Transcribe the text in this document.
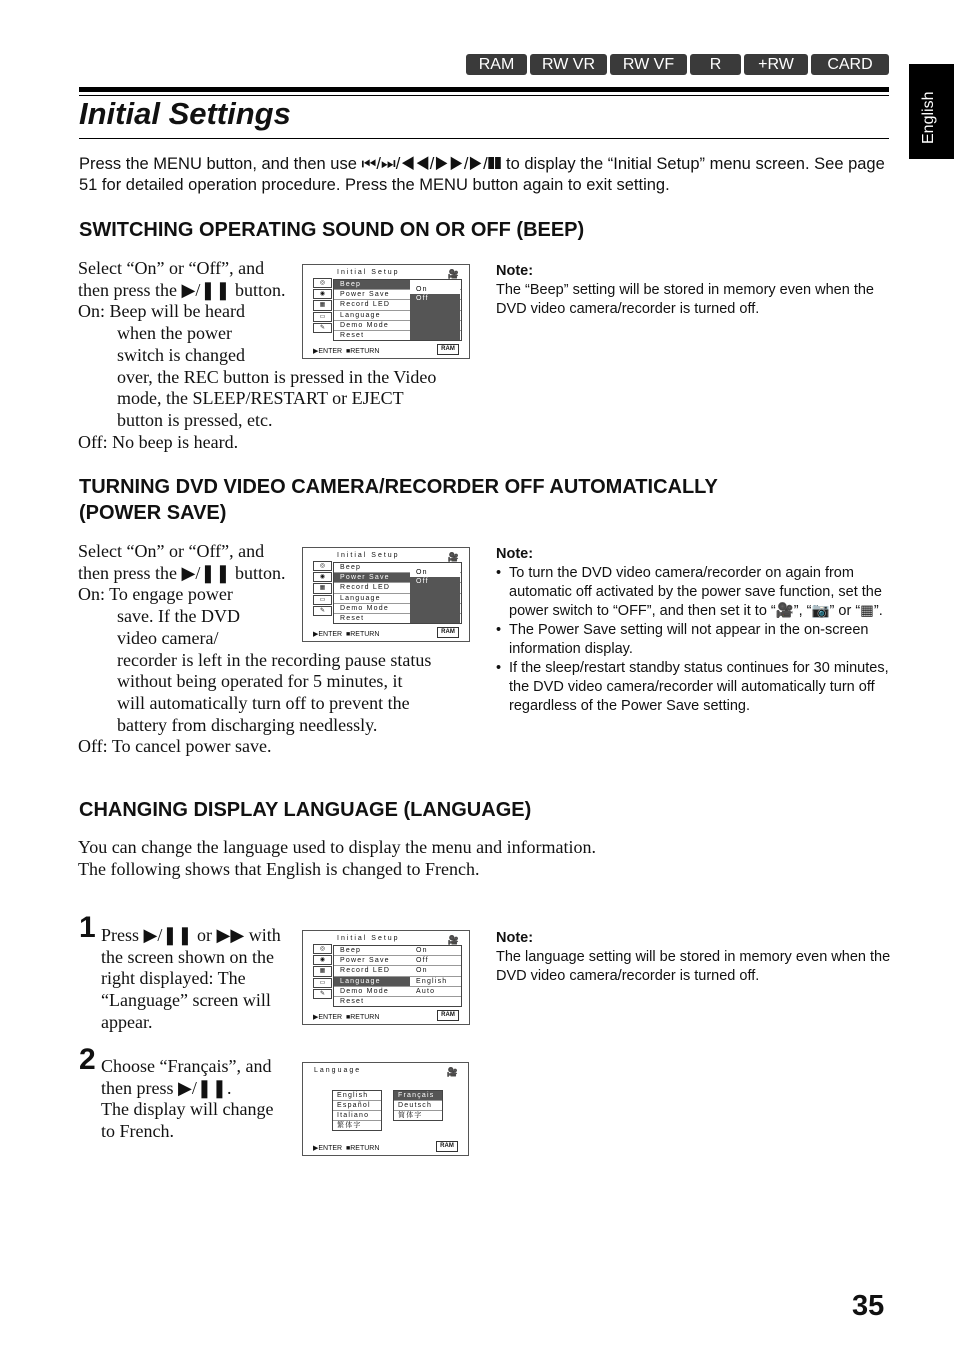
RAM	RW VR	RW VF	R	+RW	CARD
English
Initial Settings
Press the MENU button, and then use ⏮/⏭/◀◀/▶▶/▶/❚❚ to display the “Initial Setup” menu screen. See page 51 for detailed operation procedure. Press the MENU button again to exit setting.
SWITCHING OPERATING SOUND ON OR OFF (BEEP)
Select “On” or “Off”, and
then press the ▶/❚❚ button.
On: Beep will be heard
when the power
switch is changed
over, the REC button is pressed in the Video
mode, the SLEEP/RESTART or EJECT
button is pressed, etc.
Off: No beep is heard.
Initial Setup	🎥
◎
◉
▦
▭
✎
Beep
Power Save
Record LED
Language
Demo Mode
Reset
On
Off
▶ENTER  ■RETURN	RAM
Note:
The “Beep” setting will be stored in memory even when the DVD video camera/recorder is turned off.
TURNING DVD VIDEO CAMERA/RECORDER OFF AUTOMATICALLY
(POWER SAVE)
Select “On” or “Off”, and
then press the ▶/❚❚ button.
On: To engage power
save. If the DVD
video camera/
recorder is left in the recording pause status
without being operated for 5 minutes, it
will automatically turn off to prevent the
battery from discharging needlessly.
Off: To cancel power save.
Initial Setup	🎥
◎
◉
▦
▭
✎
Beep
Power Save
Record LED
Language
Demo Mode
Reset
On
Off
▶ENTER  ■RETURN	RAM
Note:
• To turn the DVD video camera/recorder on again from automatic off activated by the power save function, set the power switch to “OFF”, and then set it to “🎥”, “📷” or “▦”.
• The Power Save setting will not appear in the on-screen information display.
• If the sleep/restart standby status continues for 30 minutes, the DVD video camera/recorder will automatically turn off regardless of the Power Save setting.
CHANGING DISPLAY LANGUAGE (LANGUAGE)
You can change the language used to display the menu and information.
The following shows that English is changed to French.
1 Press ▶/❚❚ or ▶▶ with
the screen shown on the
right displayed: The
“Language” screen will
appear.
Initial Setup	🎥
◎
◉
▦
▭
✎
Beep	On
Power Save	Off
Record LED	On
Language	English
Demo Mode	Auto
Reset
▶ENTER  ■RETURN	RAM
Note:
The language setting will be stored in memory even when the DVD video camera/recorder is turned off.
2 Choose “Français”, and
then press ▶/❚❚.
The display will change
to French.
Language	🎥
English
Español
Italiano
繁体字
Français
Deutsch
简体字
▶ENTER  ■RETURN	RAM
35
